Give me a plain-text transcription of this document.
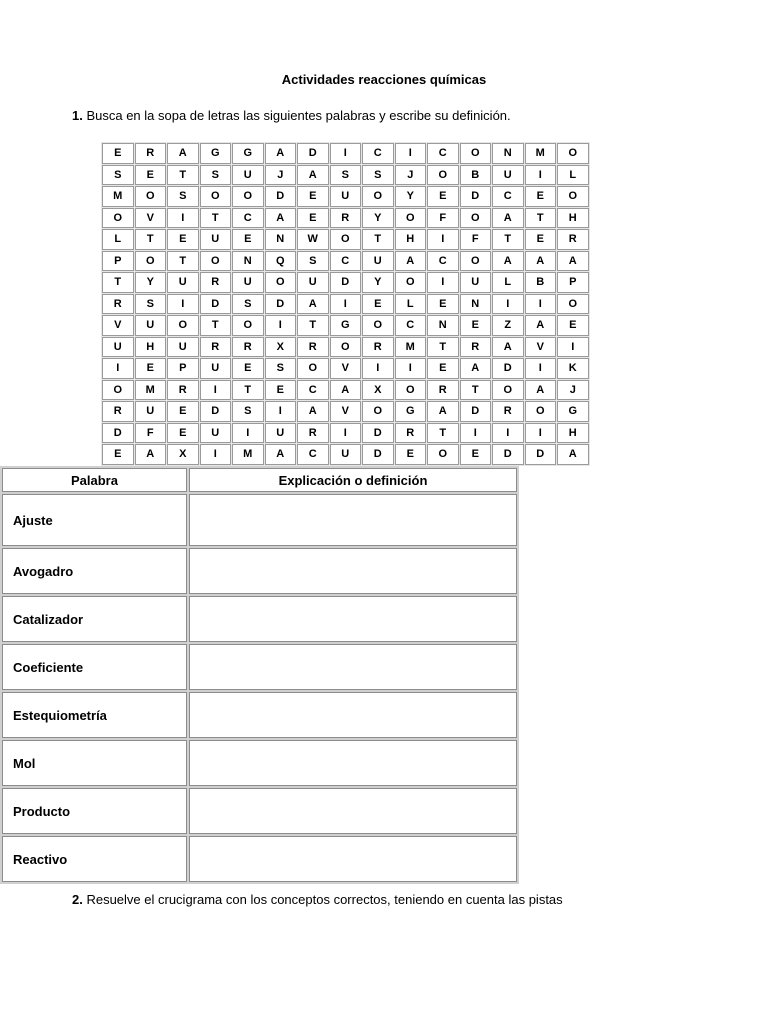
Actividades reacciones químicas
1. Busca en la sopa de letras las siguientes palabras y escribe su definición.
E	R	A	G	G	A	D	I	C	I	C	O	N	M	O
S	E	T	S	U	J	A	S	S	J	O	B	U	I	L
M	O	S	O	O	D	E	U	O	Y	E	D	C	E	O
O	V	I	T	C	A	E	R	Y	O	F	O	A	T	H
L	T	E	U	E	N	W	O	T	H	I	F	T	E	R
P	O	T	O	N	Q	S	C	U	A	C	O	A	A	A
T	Y	U	R	U	O	U	D	Y	O	I	U	L	B	P
R	S	I	D	S	D	A	I	E	L	E	N	I	I	O
V	U	O	T	O	I	T	G	O	C	N	E	Z	A	E
U	H	U	R	R	X	R	O	R	M	T	R	A	V	I
I	E	P	U	E	S	O	V	I	I	E	A	D	I	K
O	M	R	I	T	E	C	A	X	O	R	T	O	A	J
R	U	E	D	S	I	A	V	O	G	A	D	R	O	G
D	F	E	U	I	U	R	I	D	R	T	I	I	I	H
E	A	X	I	M	A	C	U	D	E	O	E	D	D	A
Palabra	Explicación o definición
Ajuste	
Avogadro	
Catalizador	
Coeficiente	
Estequiometría	
Mol	
Producto	
Reactivo	
2. Resuelve el crucigrama con los conceptos correctos, teniendo en cuenta las pistas
